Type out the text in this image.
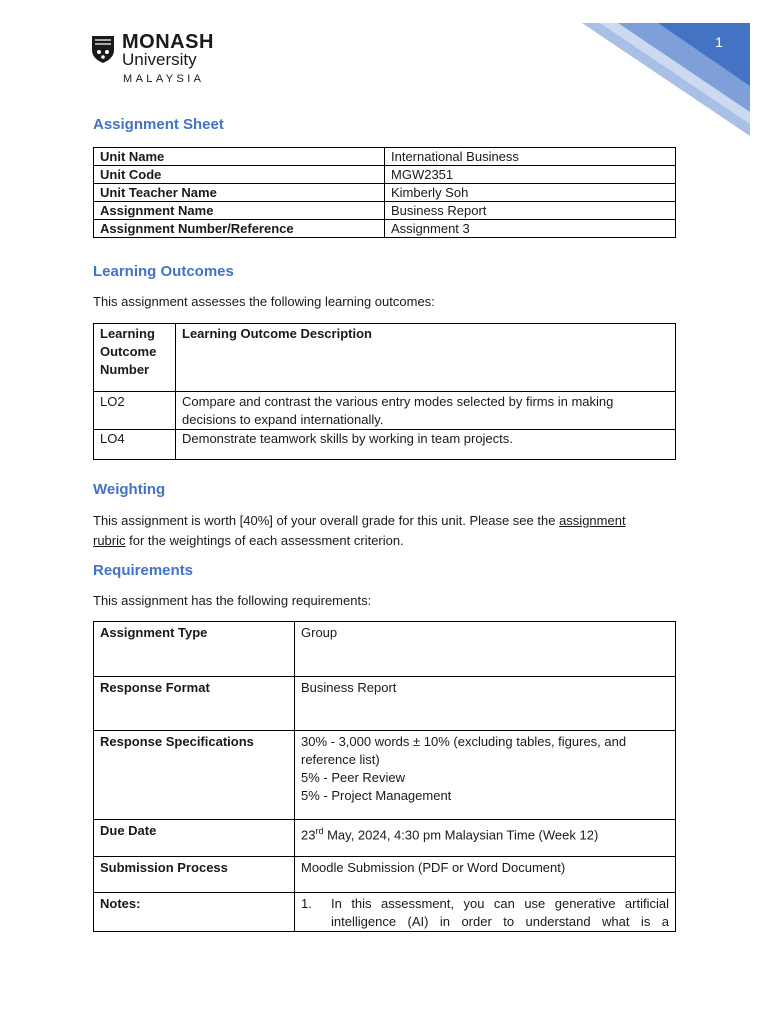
MONASH
University
MALAYSIA
1
Assignment Sheet
Unit Name	International Business
Unit Code	MGW2351
Unit Teacher Name	Kimberly Soh
Assignment Name	Business Report
Assignment Number/Reference	Assignment 3
Learning Outcomes

This assignment assesses the following learning outcomes:

Learning
Outcome
Number	Learning Outcome Description
LO2	Compare and contrast the various entry modes selected by firms in making
decisions to expand internationally.
LO4	Demonstrate teamwork skills by working in team projects.
Weighting

This assignment is worth [40%] of your overall grade for this unit. Please see the assignment
rubric for the weightings of each assessment criterion.

Requirements

This assignment has the following requirements:

Assignment Type	Group
Response Format	Business Report
Response Specifications	30% - 3,000 words ± 10% (excluding tables, figures, and
reference list)
5% - Peer Review
5% - Project Management
Due Date	23rd May, 2024, 4:30 pm Malaysian Time (Week 12)
Submission Process	Moodle Submission (PDF or Word Document)
Notes:	1. In this assessment, you can use generative artificial
intelligence (AI) in order to understand what is a
